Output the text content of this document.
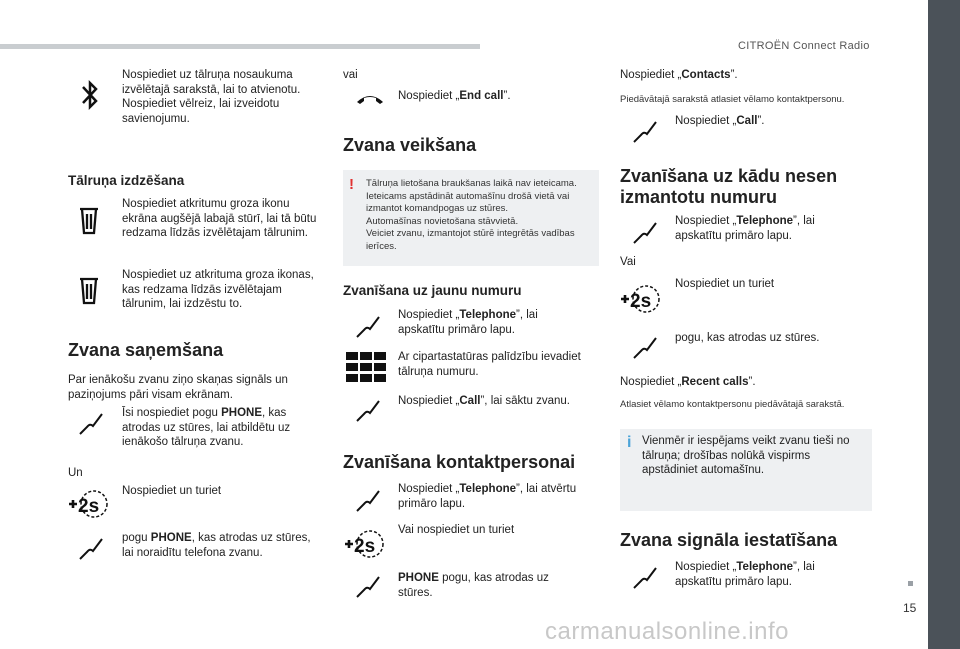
CITROËN Connect Radio
15
carmanualsonline.info
Nospiediet uz tālruņa nosaukuma izvēlētajā sarakstā, lai to atvienotu. Nospiediet vēlreiz, lai izveidotu savienojumu.
Tālruņa izdzēšana
Nospiediet atkritumu groza ikonu ekrāna augšējā labajā stūrī, lai tā būtu redzama līdzās izvēlētajam tālrunim.
Nospiediet uz atkrituma groza ikonas, kas redzama līdzās izvēlētajam tālrunim, lai izdzēstu to.
Zvana saņemšana
Par ienākošu zvanu ziņo skaņas signāls un paziņojums pāri visam ekrānam.
Īsi nospiediet pogu PHONE, kas atrodas uz stūres, lai atbildētu uz ienākošo tālruņa zvanu.
Un
2s
Nospiediet un turiet
pogu PHONE, kas atrodas uz stūres, lai noraidītu telefona zvanu.
vai
Nospiediet „End call”.
Zvana veikšana
! Tālruņa lietošana braukšanas laikā nav ieteicama.
Ieteicams apstādināt automašīnu drošā vietā vai izmantot komandpogas uz stūres.
Automašīnas novietošana stāvvietā.
Veiciet zvanu, izmantojot stūrē integrētās vadības ierīces.
Zvanīšana uz jaunu numuru
Nospiediet „Telephone”, lai apskatītu primāro lapu.
Ar cipartastatūras palīdzību ievadiet tālruņa numuru.
Nospiediet „Call”, lai sāktu zvanu.
Zvanīšana kontaktpersonai
Nospiediet „Telephone”, lai atvērtu primāro lapu.
2s
Vai nospiediet un turiet
PHONE pogu, kas atrodas uz stūres.
Nospiediet „Contacts”.
Piedāvātajā sarakstā atlasiet vēlamo kontaktpersonu.
Nospiediet „Call”.
Zvanīšana uz kādu nesen izmantotu numuru
Nospiediet „Telephone”, lai apskatītu primāro lapu.
Vai
2s
Nospiediet un turiet
pogu, kas atrodas uz stūres.
Nospiediet „Recent calls”.
Atlasiet vēlamo kontaktpersonu piedāvātajā sarakstā.
i Vienmēr ir iespējams veikt zvanu tieši no tālruņa; drošības nolūkā vispirms apstādiniet automašīnu.
Zvana signāla iestatīšana
Nospiediet „Telephone”, lai apskatītu primāro lapu.
